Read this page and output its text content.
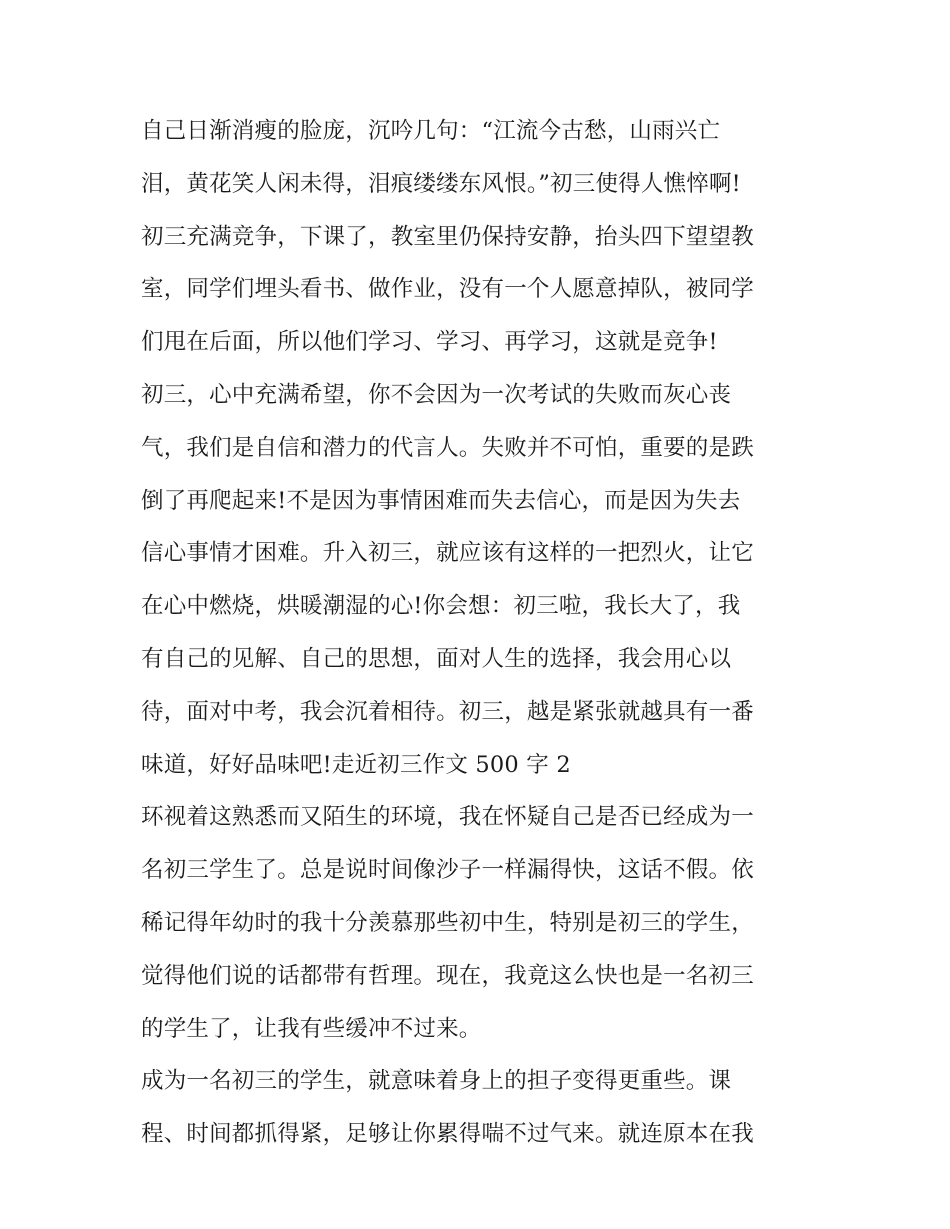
自己日渐消瘦的脸庞，沉吟几句：“江流今古愁，山雨兴亡
泪，黄花笑人闲未得，泪痕缕缕东风恨。”初三使得人憔悴啊!
初三充满竞争，下课了，教室里仍保持安静，抬头四下望望教
室，同学们埋头看书、做作业，没有一个人愿意掉队，被同学
们甩在后面，所以他们学习、学习、再学习，这就是竞争!
初三，心中充满希望，你不会因为一次考试的失败而灰心丧
气，我们是自信和潜力的代言人。失败并不可怕，重要的是跌
倒了再爬起来!不是因为事情困难而失去信心，而是因为失去
信心事情才困难。升入初三，就应该有这样的一把烈火，让它
在心中燃烧，烘暖潮湿的心!你会想：初三啦，我长大了，我
有自己的见解、自己的思想，面对人生的选择，我会用心以
待，面对中考，我会沉着相待。初三，越是紧张就越具有一番
味道，好好品味吧!走近初三作文 500 字 2
环视着这熟悉而又陌生的环境，我在怀疑自己是否已经成为一
名初三学生了。总是说时间像沙子一样漏得快，这话不假。依
稀记得年幼时的我十分羡慕那些初中生，特别是初三的学生，
觉得他们说的话都带有哲理。现在，我竟这么快也是一名初三
的学生了，让我有些缓冲不过来。
成为一名初三的学生，就意味着身上的担子变得更重些。课
程、时间都抓得紧，足够让你累得喘不过气来。就连原本在我
